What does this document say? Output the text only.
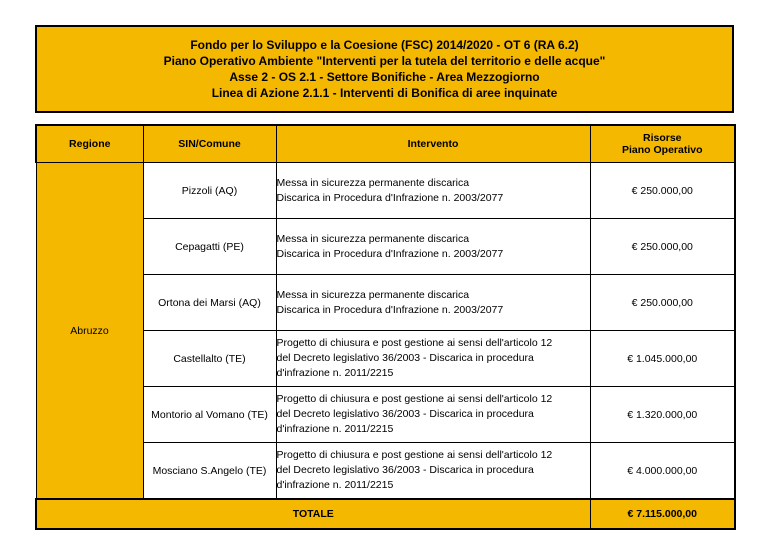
Fondo per lo Sviluppo e la Coesione (FSC) 2014/2020 - OT 6 (RA 6.2)
Piano Operativo Ambiente "Interventi per la tutela del territorio e delle acque"
Asse 2 - OS 2.1 - Settore Bonifiche - Area Mezzogiorno
Linea di Azione 2.1.1 - Interventi di Bonifica di aree inquinate
Regione	SIN/Comune	Intervento	Risorse
Piano Operativo

Abruzzo	Pizzoli (AQ)	Messa in sicurezza permanente discarica
Discarica in Procedura d'Infrazione n. 2003/2077	€ 250.000,00
	Cepagatti (PE)	Messa in sicurezza permanente discarica
Discarica in Procedura d'Infrazione n. 2003/2077	€ 250.000,00
	Ortona dei Marsi (AQ)	Messa in sicurezza permanente discarica
Discarica in Procedura d'Infrazione n. 2003/2077	€ 250.000,00
	Castellalto (TE)	Progetto di chiusura e post gestione ai sensi dell'articolo 12
del Decreto legislativo 36/2003 - Discarica in procedura
d'infrazione n. 2011/2215	€ 1.045.000,00
	Montorio al Vomano (TE)	Progetto di chiusura e post gestione ai sensi dell'articolo 12
del Decreto legislativo 36/2003 - Discarica in procedura
d'infrazione n. 2011/2215	€ 1.320.000,00
	Mosciano S.Angelo (TE)	Progetto di chiusura e post gestione ai sensi dell'articolo 12
del Decreto legislativo 36/2003 - Discarica in procedura
d'infrazione n. 2011/2215	€ 4.000.000,00
TOTALE			€ 7.115.000,00
